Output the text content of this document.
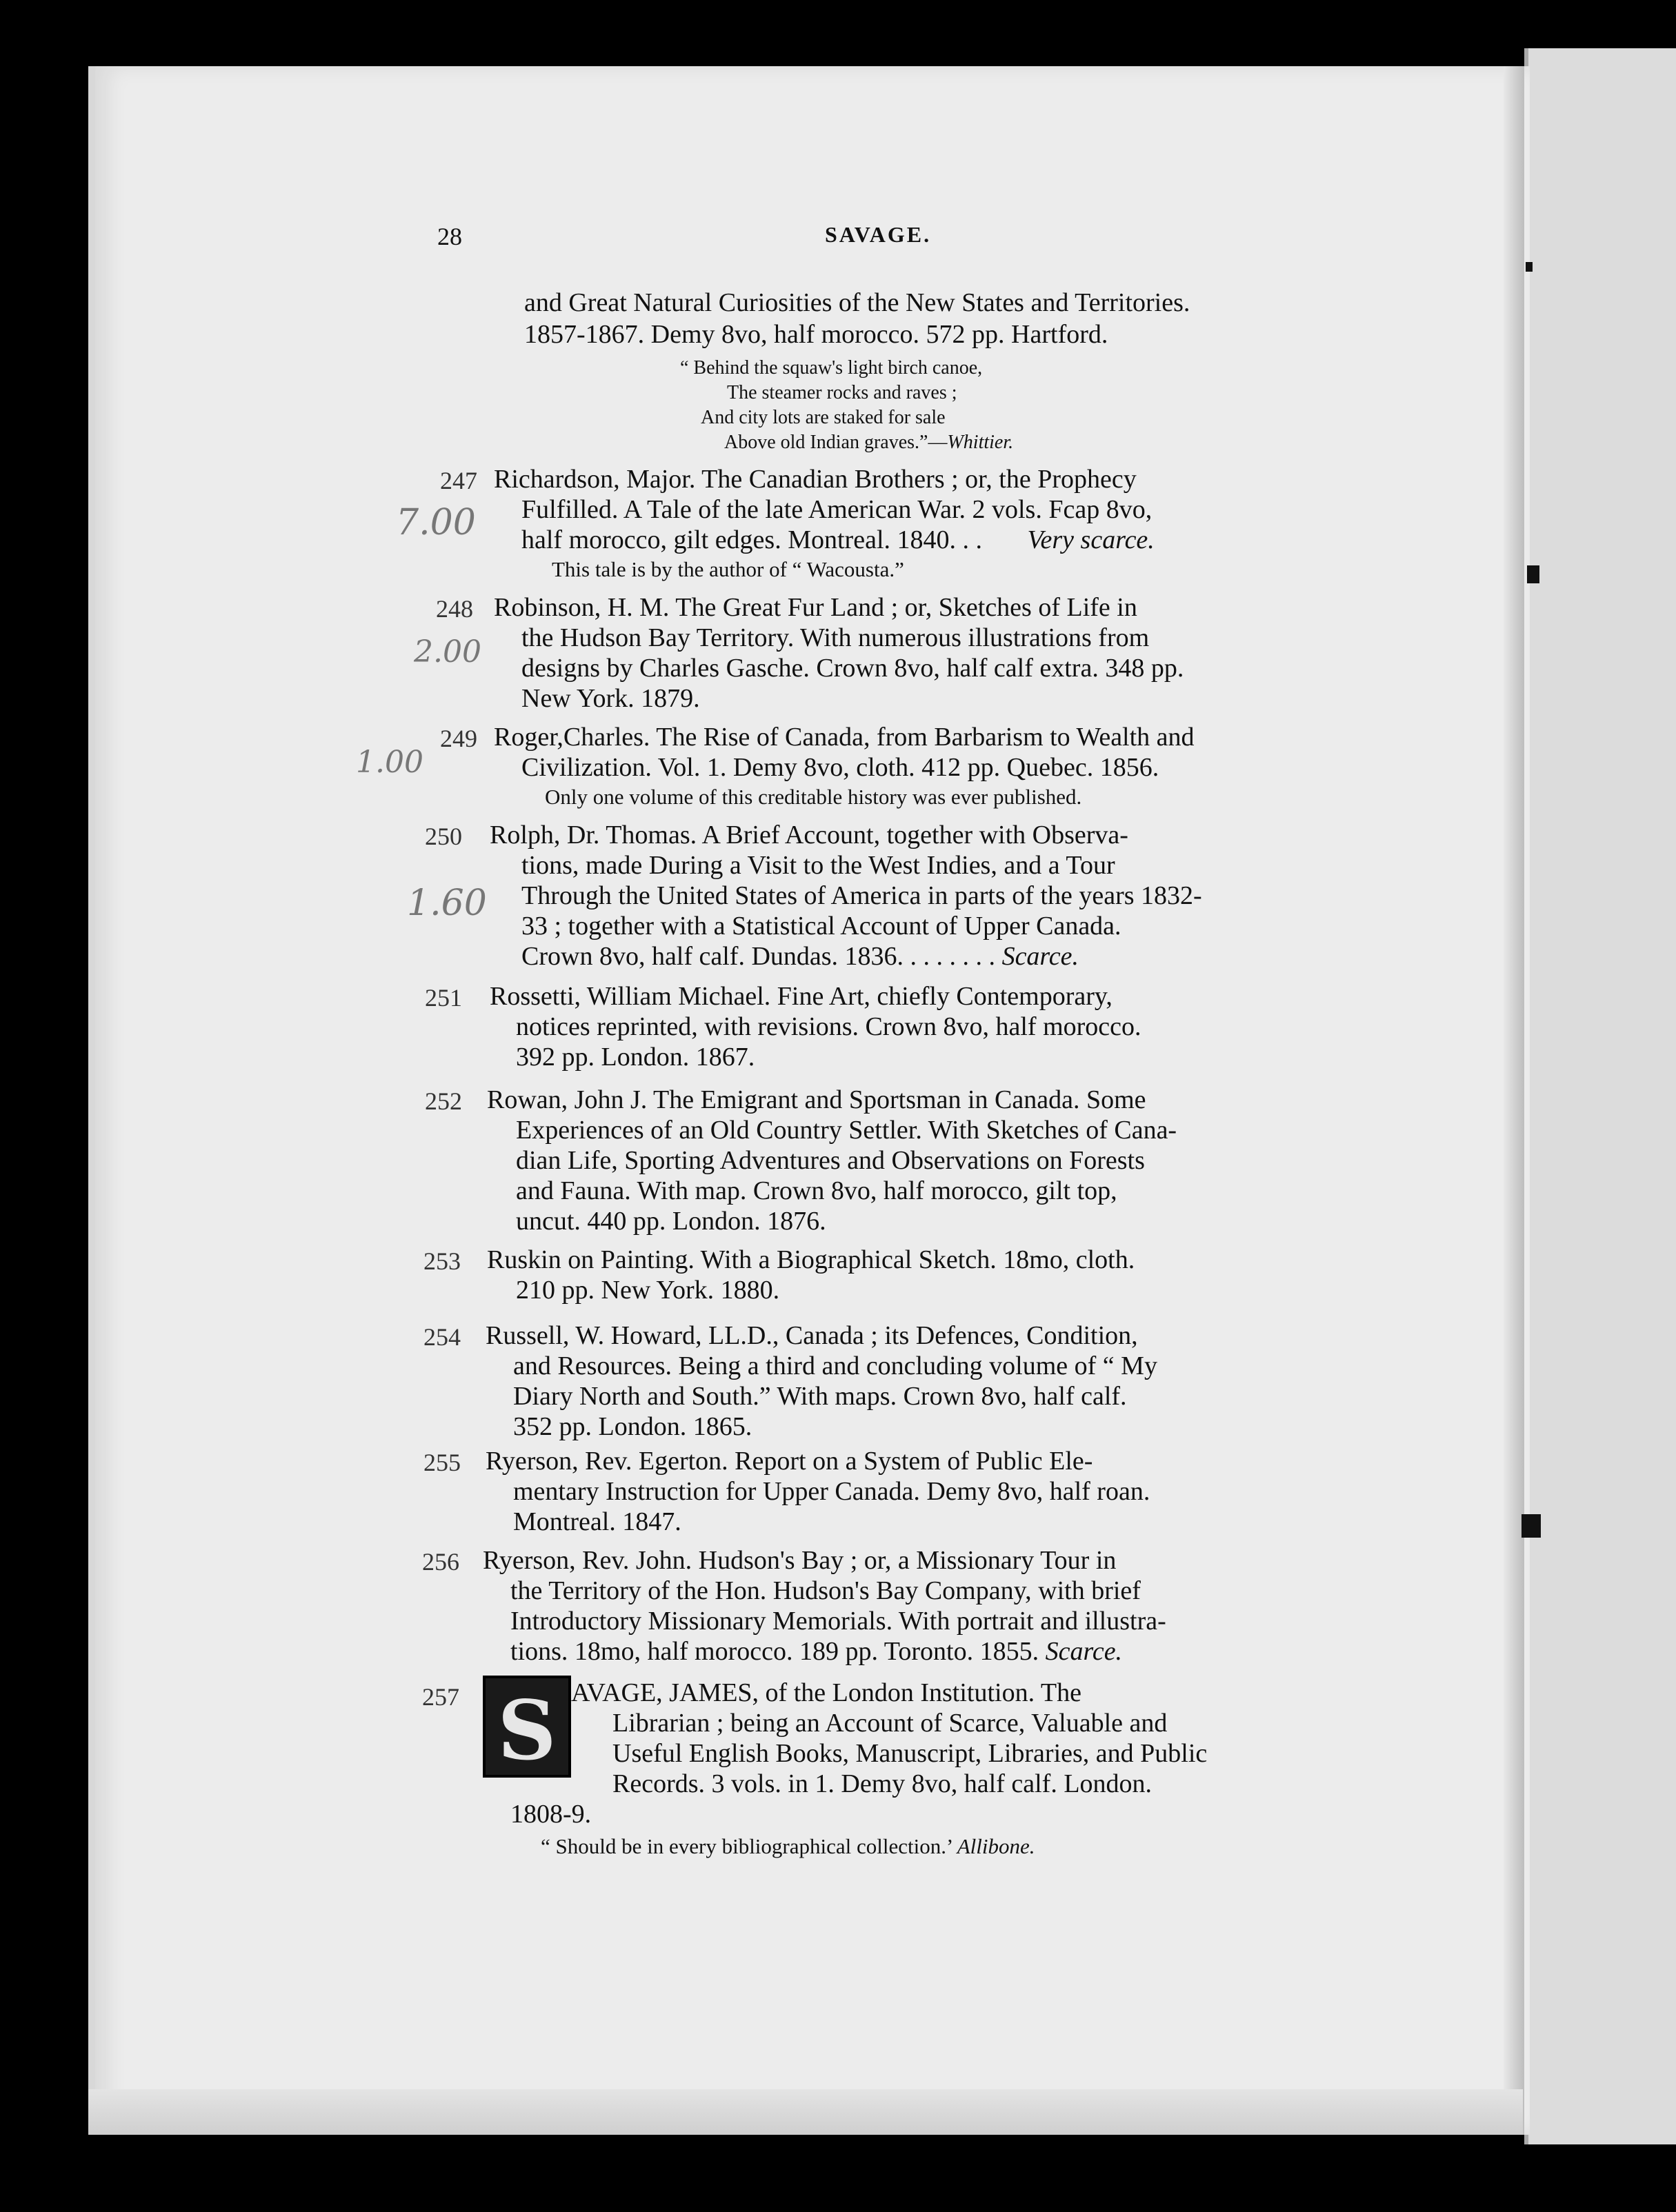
28	SAVAGE.
and Great Natural Curiosities of the New States and Territories.
1857-1867. Demy 8vo, half morocco. 572 pp. Hartford.
“ Behind the squaw's light birch canoe,
The steamer rocks and raves ;
And city lots are staked for sale
Above old Indian graves.”—Whittier.
247 Richardson, Major. The Canadian Brothers ; or, the Prophecy
Fulfilled. A Tale of the late American War. 2 vols. Fcap 8vo,
half morocco, gilt edges. Montreal. 1840. . . Very scarce.
This tale is by the author of “ Wacousta.”
248 Robinson, H. M. The Great Fur Land ; or, Sketches of Life in
the Hudson Bay Territory. With numerous illustrations from
designs by Charles Gasche. Crown 8vo, half calf extra. 348 pp.
New York. 1879.
249 Roger,Charles. The Rise of Canada, from Barbarism to Wealth and
Civilization. Vol. 1. Demy 8vo, cloth. 412 pp. Quebec. 1856.
Only one volume of this creditable history was ever published.
250 Rolph, Dr. Thomas. A Brief Account, together with Observa-
tions, made During a Visit to the West Indies, and a Tour
Through the United States of America in parts of the years 1832-
33 ; together with a Statistical Account of Upper Canada.
Crown 8vo, half calf. Dundas. 1836. . . . . . . . Scarce.
251 Rossetti, William Michael. Fine Art, chiefly Contemporary,
notices reprinted, with revisions. Crown 8vo, half morocco.
392 pp. London. 1867.
252 Rowan, John J. The Emigrant and Sportsman in Canada. Some
Experiences of an Old Country Settler. With Sketches of Cana-
dian Life, Sporting Adventures and Observations on Forests
and Fauna. With map. Crown 8vo, half morocco, gilt top,
uncut. 440 pp. London. 1876.
253 Ruskin on Painting. With a Biographical Sketch. 18mo, cloth.
210 pp. New York. 1880.
254 Russell, W. Howard, LL.D., Canada ; its Defences, Condition,
and Resources. Being a third and concluding volume of “ My
Diary North and South.” With maps. Crown 8vo, half calf.
352 pp. London. 1865.
255 Ryerson, Rev. Egerton. Report on a System of Public Ele-
mentary Instruction for Upper Canada. Demy 8vo, half roan.
Montreal. 1847.
256 Ryerson, Rev. John. Hudson's Bay ; or, a Missionary Tour in
the Territory of the Hon. Hudson's Bay Company, with brief
Introductory Missionary Memorials. With portrait and illustra-
tions. 18mo, half morocco. 189 pp. Toronto. 1855. Scarce.
257 S AVAGE, JAMES, of the London Institution. The
Librarian ; being an Account of Scarce, Valuable and
Useful English Books, Manuscript, Libraries, and Public
Records. 3 vols. in 1. Demy 8vo, half calf. London.
1808-9.
“ Should be in every bibliographical collection.’ Allibone.
7.00
2.00
1.00
1.60
